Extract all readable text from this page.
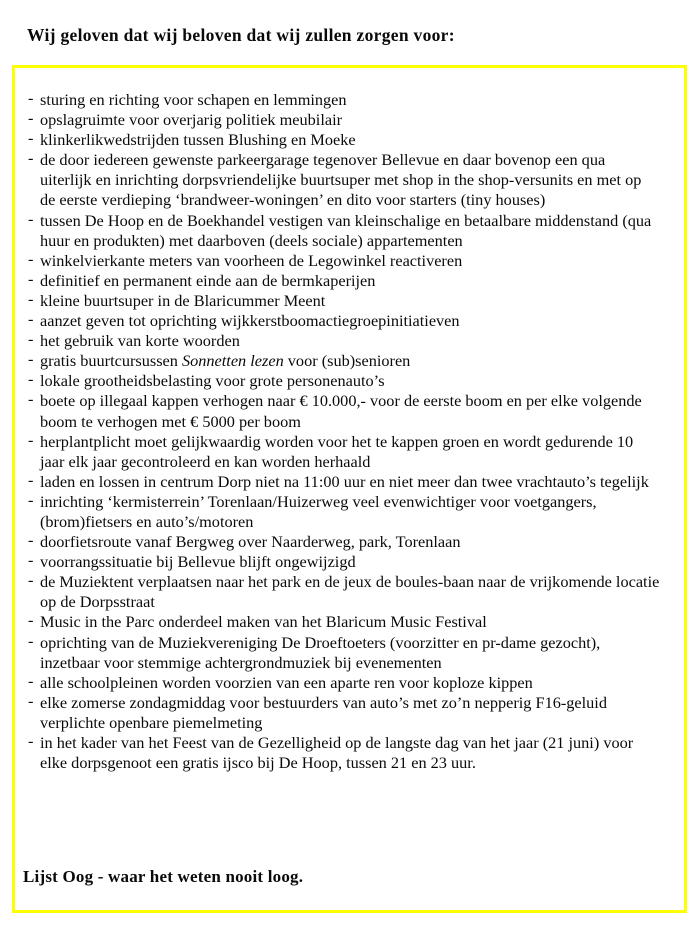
Wij geloven dat wij beloven dat wij zullen zorgen voor:
- sturing en richting voor schapen en lemmingen
- opslagruimte voor overjarig politiek meubilair
- klinkerlikwedstrijden tussen Blushing en Moeke
- de door iedereen gewenste parkeergarage tegenover Bellevue en daar bovenop een qua uiterlijk en inrichting dorpsvriendelijke buurtsuper met shop in the shop-versunits en met op de eerste verdieping ‘brandweer-woningen’ en dito voor starters (tiny houses)
- tussen De Hoop en de Boekhandel vestigen van kleinschalige en betaalbare middenstand (qua huur en produkten) met daarboven (deels sociale) appartementen
- winkelvierkante meters van voorheen de Legowinkel reactiveren
- definitief en permanent einde aan de bermkaperijen
- kleine buurtsuper in de Blaricummer Meent
- aanzet geven tot oprichting wijkkerstboomactiegroepinitiatieven
- het gebruik van korte woorden
- gratis buurtcursussen Sonnetten lezen voor (sub)senioren
- lokale grootheidsbelasting voor grote personenauto’s
- boete op illegaal kappen verhogen naar € 10.000,- voor de eerste boom en per elke volgende boom te verhogen met € 5000 per boom
- herplantplicht moet gelijkwaardig worden voor het te kappen groen en wordt gedurende 10 jaar elk jaar gecontroleerd en kan worden herhaald
- laden en lossen in centrum Dorp niet na 11:00 uur en niet meer dan twee vrachtauto’s tegelijk
- inrichting ‘kermisterrein’ Torenlaan/Huizerweg veel evenwichtiger voor voetgangers, (brom)fietsers en auto’s/motoren
- doorfietsroute vanaf Bergweg over Naarderweg, park, Torenlaan
- voorrangssituatie bij Bellevue blijft ongewijzigd
- de Muziektent verplaatsen naar het park en de jeux de boules-baan naar de vrijkomende locatie op de Dorpsstraat
- Music in the Parc onderdeel maken van het Blaricum Music Festival
- oprichting van de Muziekvereniging De Droeftoeters (voorzitter en pr-dame gezocht), inzetbaar voor stemmige achtergrondmuziek bij evenementen
- alle schoolpleinen worden voorzien van een aparte ren voor koploze kippen
- elke zomerse zondagmiddag voor bestuurders van auto’s met zo’n nepperig F16-geluid verplichte openbare piemelmeting
- in het kader van het Feest van de Gezelligheid op de langste dag van het jaar (21 juni) voor elke dorpsgenoot een gratis ijsco bij De Hoop, tussen 21 en 23 uur.
Lijst Oog - waar het weten nooit loog.
